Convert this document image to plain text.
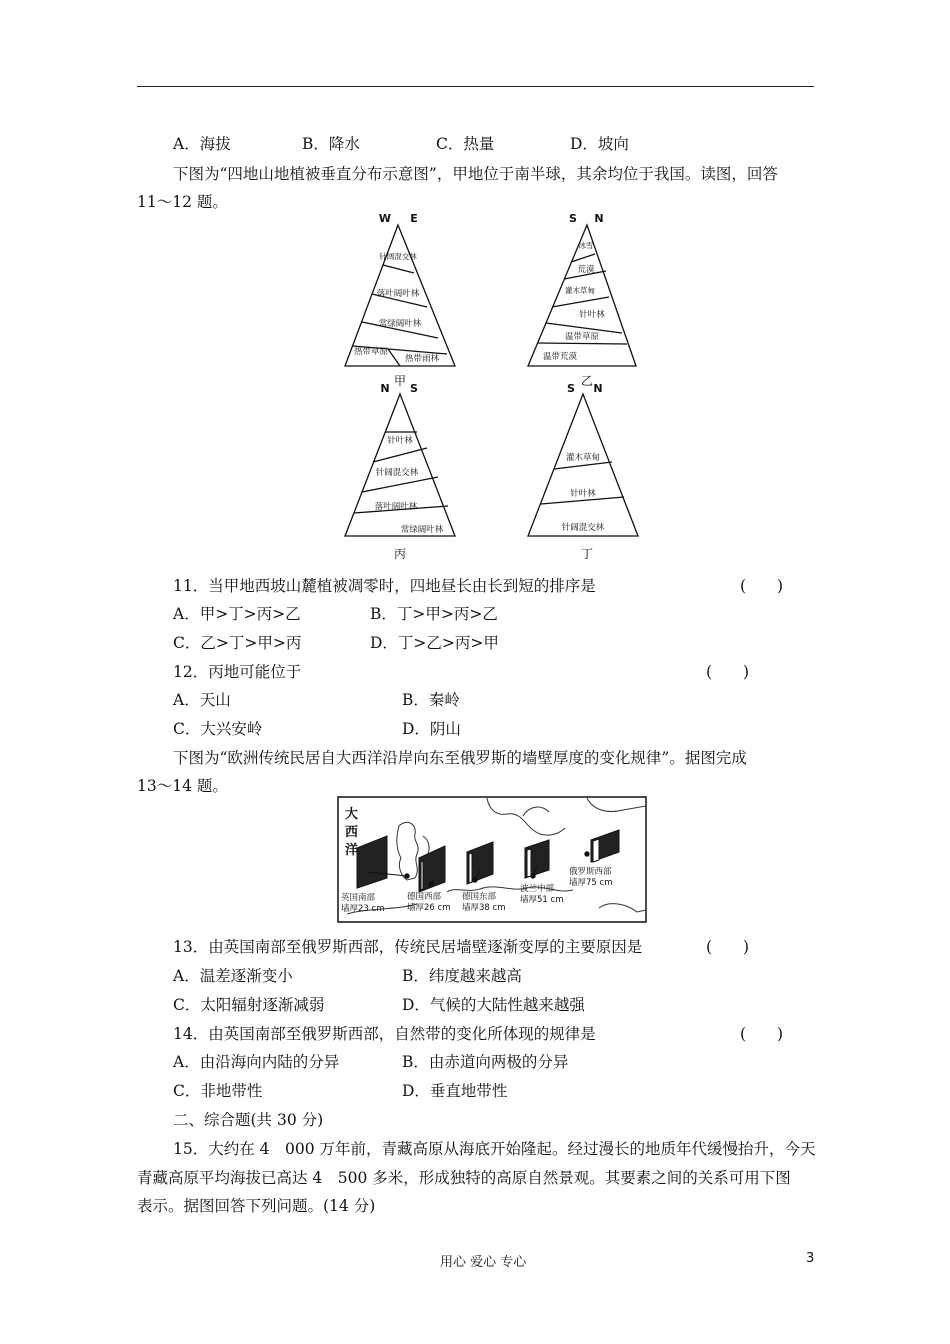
A．海拔	B．降水	C．热量	D．坡向
下图为“四地山地植被垂直分布示意图”，甲地位于南半球，其余均位于我国。读图，回答
11～12 题。
W E
针阔混交林
落叶阔叶林
常绿阔叶林
热带草原
热带雨林
甲
S N
冰雪
荒漠
灌木草甸
针叶林
温带草原
温带荒漠
乙
N S
针叶林
针阔混交林
落叶阔叶林
常绿阔叶林
丙
S N
灌木草甸
针叶林
针阔混交林
丁
11．当甲地西坡山麓植被凋零时，四地昼长由长到短的排序是	(　　)
A．甲>丁>丙>乙	B．丁>甲>丙>乙
C．乙>丁>甲>丙	D．丁>乙>丙>甲
12．丙地可能位于	(　　)
A．天山	B．秦岭
C．大兴安岭	D．阴山
下图为“欧洲传统民居自大西洋沿岸向东至俄罗斯的墙壁厚度的变化规律”。据图完成
13～14 题。
大
西
洋
英国南部
墙厚23 cm
德国西部
墙厚26 cm
德国东部
墙厚38 cm
波兰中部
墙厚51 cm
俄罗斯西部
墙厚75 cm
13．由英国南部至俄罗斯西部，传统民居墙壁逐渐变厚的主要原因是	(　　)
A．温差逐渐变小	B．纬度越来越高
C．太阳辐射逐渐减弱	D．气候的大陆性越来越强
14．由英国南部至俄罗斯西部，自然带的变化所体现的规律是	(　　)
A．由沿海向内陆的分异	B．由赤道向两极的分异
C．非地带性	D．垂直地带性
二、综合题(共 30 分)
15．大约在 4　000 万年前，青藏高原从海底开始隆起。经过漫长的地质年代缓慢抬升，今天
青藏高原平均海拔已高达 4　500 多米，形成独特的高原自然景观。其要素之间的关系可用下图
表示。据图回答下列问题。(14 分)
用心 爱心 专心	3
